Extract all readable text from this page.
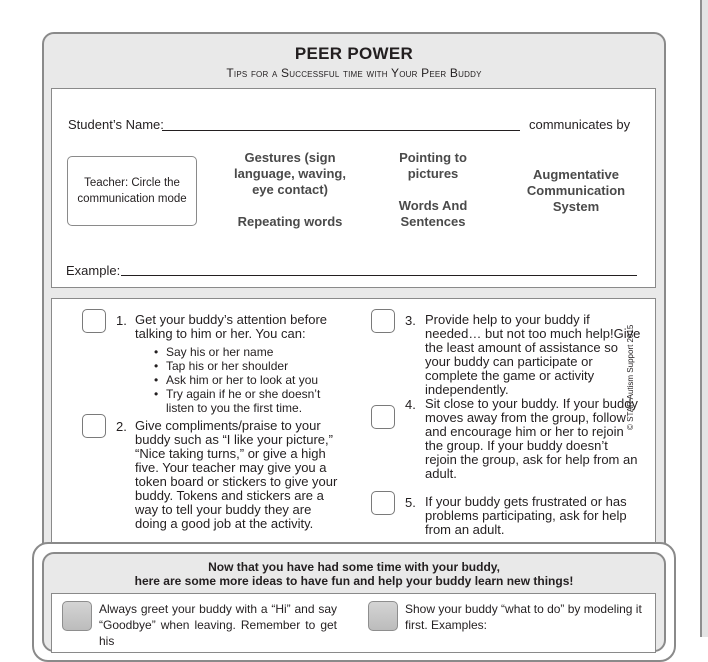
PEER POWER
Tips for a Successful time with Your Peer Buddy
Student’s Name:	communicates by
Teacher: Circle the communication mode
Gestures (sign language, waving, eye contact)
Repeating words
Pointing to pictures
Words And Sentences
Augmentative Communication System
Example:
1. Get your buddy’s attention before talking to him or her. You can:
• Say his or her name
• Tap his or her shoulder
• Ask him or her to look at you
• Try again if he or she doesn’t listen to you the first time.
2. Give compliments/praise to your buddy such as “I like your picture,” “Nice taking turns,” or give a high five. Your teacher may give you a token board or stickers to give your buddy. Tokens and stickers are a way to tell your buddy they are doing a good job at the activity.
3. Provide help to your buddy if needed… but not too much help!Give the least amount of assistance so your buddy can participate or complete the game or activity independently.
4. Sit close to your buddy. If your buddy moves away from the group, follow and encourage him or her to rejoin the group. If your buddy doesn’t rejoin the group, ask for help from an adult.
5. If your buddy gets frustrated or has problems participating, ask for help from an adult.
© STAR Autism Support 2015
Now that you have had some time with your buddy,
here are some more ideas to have fun and help your buddy learn new things!
Always greet your buddy with a “Hi” and say “Goodbye” when leaving. Remember to get his
Show your buddy “what to do” by modeling it first. Examples:
